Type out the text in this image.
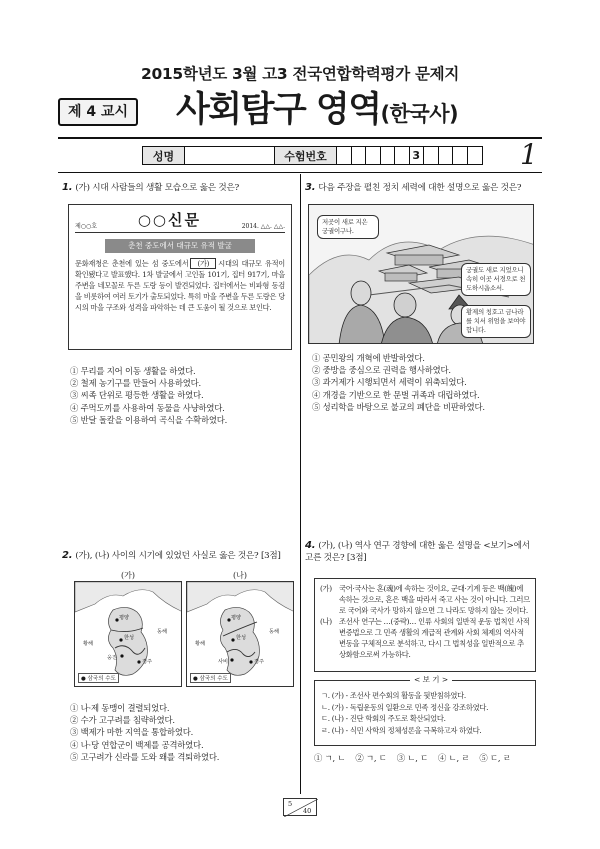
2015학년도 3월 고3 전국연합학력평가 문제지
제 4 교시 사회탐구 영역(한국사)
성명	수험번호	3	1
1. (가) 시대 사람들의 생활 모습으로 옳은 것은?
제○○호	○○신문	2014. △△. △△.
춘천 중도에서 대규모 유적 발굴
문화재청은 춘천에 있는 섬 중도에서 (가) 시대의 대규모 유적이 확인됐다고 발표했다. 1차 발굴에서 고인돌 101기, 집터 917기, 마을 주변을 네모꼴로 두른 도랑 등이 발견되었다. 집터에서는 비파형 동검을 비롯하여 여러 토기가 출토되었다. 특히 마을 주변을 두른 도랑은 당시의 마을 구조와 성격을 파악하는 데 큰 도움이 될 것으로 보인다.
① 무리를 지어 이동 생활을 하였다.
② 철제 농기구를 만들어 사용하였다.
③ 씨족 단위로 평등한 생활을 하였다.
④ 주먹도끼를 사용하여 동물을 사냥하였다.
⑤ 반달 돌칼을 이용하여 곡식을 수확하였다.
3. 다음 주장을 펼친 정치 세력에 대한 설명으로 옳은 것은?
저곳이 새로 지은 궁궐이구나.
궁궐도 새로 지었으니 속히 이곳 서경으로 천도하시옵소서.
황제의 칭호고 금나라를 치서 위엄을 보여야 합니다.
① 공민왕의 개혁에 반발하였다.
② 중방을 중심으로 권력을 행사하였다.
③ 과거제가 시행되면서 세력이 위축되었다.
④ 개경을 기반으로 한 문벌 귀족과 대립하였다.
⑤ 성리학을 바탕으로 불교의 폐단을 비판하였다.
2. (가), (나) 사이의 시기에 있었던 사실로 옳은 것은? [3점]
(가)
평양
한성
웅진
경주
황해
동해
● 삼국의 수도
(나)
평양
한성
사비	경주
황해
동해
● 삼국의 수도
① 나·제 동맹이 결렬되었다.
② 수가 고구려를 침략하였다.
③ 백제가 마한 지역을 통합하였다.
④ 나·당 연합군이 백제를 공격하였다.
⑤ 고구려가 신라를 도와 왜를 격퇴하였다.
4. (가), (나) 역사 연구 경향에 대한 옳은 설명을 <보기>에서 고른 것은? [3점]
(가) 국어·국사는 혼(魂)에 속하는 것이요, 군대·기계 등은 백(魄)에 속하는 것으로, 혼은 백을 따라서 죽고 사는 것이 아니다. 그러므로 국어와 국사가 망하지 않으면 그 나라도 망하지 않는 것이다.
(나) 조선사 연구는 …(중략)… 인류 사회의 일반적 운동 법칙인 사적 변증법으로 그 민족 생활의 계급적 관계와 사회 체제의 역사적 변동을 구체적으로 분석하고, 다시 그 법칙성을 일반적으로 추상화함으로써 가능하다.
ㄱ. (가) - 조선사 편수회의 활동을 뒷받침하였다.
ㄴ. (가) - 독립운동의 일환으로 민족 정신을 강조하였다.
ㄷ. (나) - 진단 학회의 주도로 확산되었다.
ㄹ. (나) - 식민 사학의 정체성론을 극복하고자 하였다.
< 보 기 >
① ㄱ, ㄴ ② ㄱ, ㄷ ③ ㄴ, ㄷ ④ ㄴ, ㄹ ⑤ ㄷ, ㄹ
5
40
